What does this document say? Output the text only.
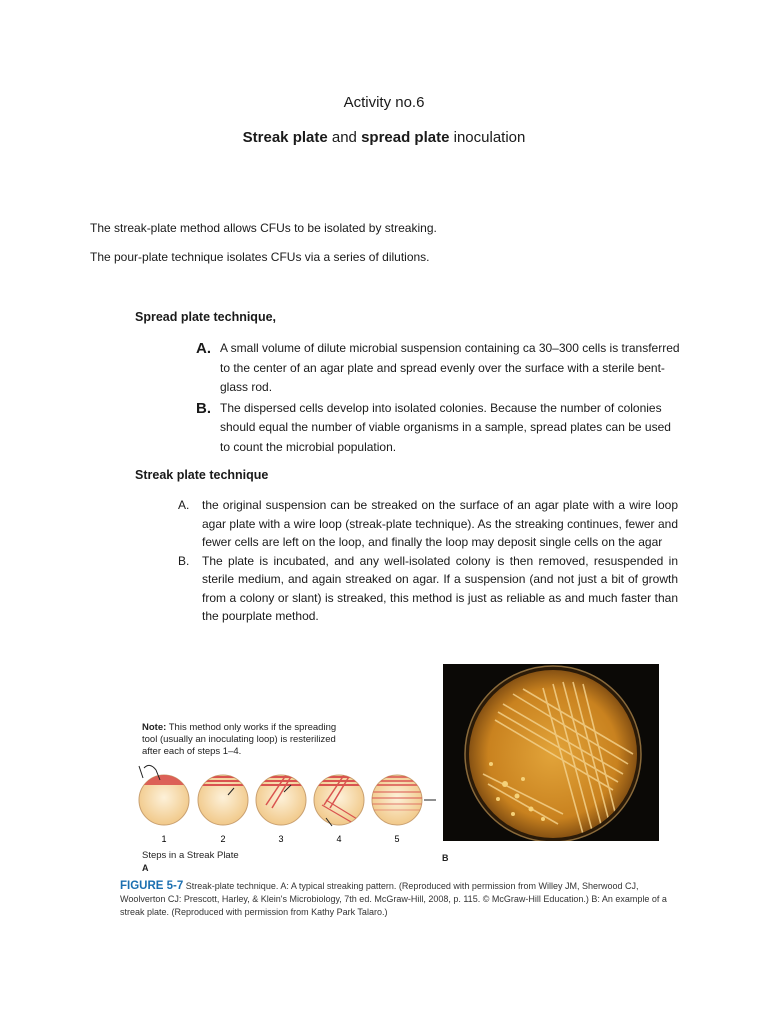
Activity no.6
Streak plate and spread plate inoculation
The streak-plate method allows CFUs to be isolated by streaking.
The pour-plate technique isolates CFUs via a series of dilutions.
Spread plate technique,
A. A small volume of dilute microbial suspension containing ca 30–300 cells is transferred to the center of an agar plate and spread evenly over the surface with a sterile bent-glass rod.
B. The dispersed cells develop into isolated colonies. Because the number of colonies should equal the number of viable organisms in a sample, spread plates can be used to count the microbial population.
Streak plate technique
A.	the original suspension can be streaked on the surface of an agar plate with a wire loop agar plate with a wire loop (streak-plate technique). As the streaking continues, fewer and fewer cells are left on the loop, and finally the loop may deposit single cells on the agar
B.	The plate is incubated, and any well-isolated colony is then removed, resuspended in sterile medium, and again streaked on agar. If a suspension (and not just a bit of growth from a colony or slant) is streaked, this method is just as reliable as and much faster than the pourplate method.
Note: This method only works if the spreading tool (usually an inoculating loop) is resterilized after each of steps 1–4.
1	2	3	4	5
Steps in a Streak Plate
A
B
FIGURE 5-7 Streak-plate technique. A: A typical streaking pattern. (Reproduced with permission from Willey JM, Sherwood CJ, Woolverton CJ: Prescott, Harley, & Klein's Microbiology, 7th ed. McGraw-Hill, 2008, p. 115. © McGraw-Hill Education.) B: An example of a streak plate. (Reproduced with permission from Kathy Park Talaro.)
